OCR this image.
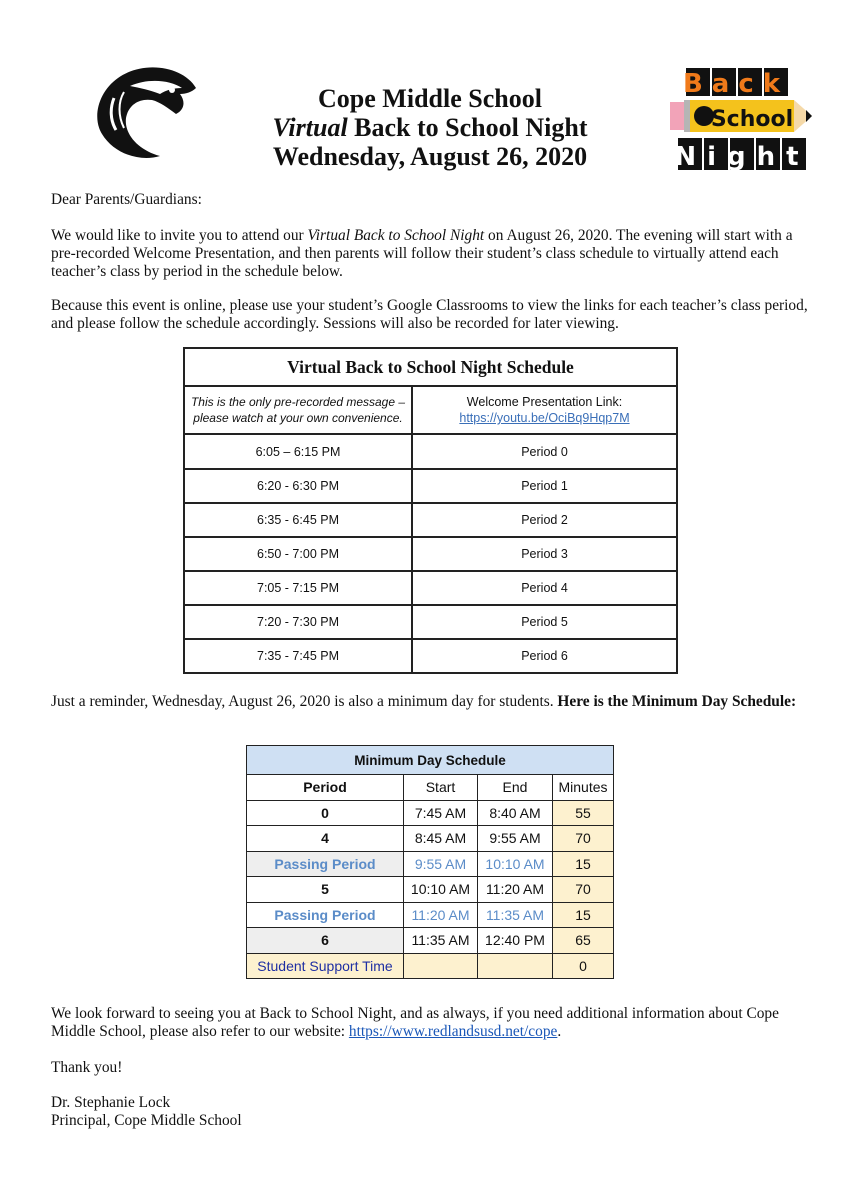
Cope Middle School
Virtual Back to School Night
Wednesday, August 26, 2020
Back
School
Night
Dear Parents/Guardians:
We would like to invite you to attend our Virtual Back to School Night on August 26, 2020. The evening will start with a pre-recorded Welcome Presentation, and then parents will follow their student’s class schedule to virtually attend each teacher’s class by period in the schedule below.
Because this event is online, please use your student’s Google Classrooms to view the links for each teacher’s class period, and please follow the schedule accordingly. Sessions will also be recorded for later viewing.
Virtual Back to School Night Schedule	
This is the only pre-recorded message – please watch at your own convenience.	Welcome Presentation Link:
https://youtu.be/OciBq9Hqp7M
6:05 – 6:15 PM	Period 0
6:20 - 6:30 PM	Period 1
6:35 - 6:45 PM	Period 2
6:50 - 7:00 PM	Period 3
7:05 - 7:15 PM	Period 4
7:20 - 7:30 PM	Period 5
7:35 - 7:45 PM	Period 6
Just a reminder, Wednesday, August 26, 2020 is also a minimum day for students. Here is the Minimum Day Schedule:
Minimum Day Schedule			
Period	Start	End	Minutes
0	7:45 AM	8:40 AM	55
4	8:45 AM	9:55 AM	70
Passing Period	9:55 AM	10:10 AM	15
5	10:10 AM	11:20 AM	70
Passing Period	11:20 AM	11:35 AM	15
6	11:35 AM	12:40 PM	65
Student Support Time			0
We look forward to seeing you at Back to School Night, and as always, if you need additional information about Cope Middle School, please also refer to our website: https://www.redlandsusd.net/cope.
Thank you!
Dr. Stephanie Lock
Principal, Cope Middle School
